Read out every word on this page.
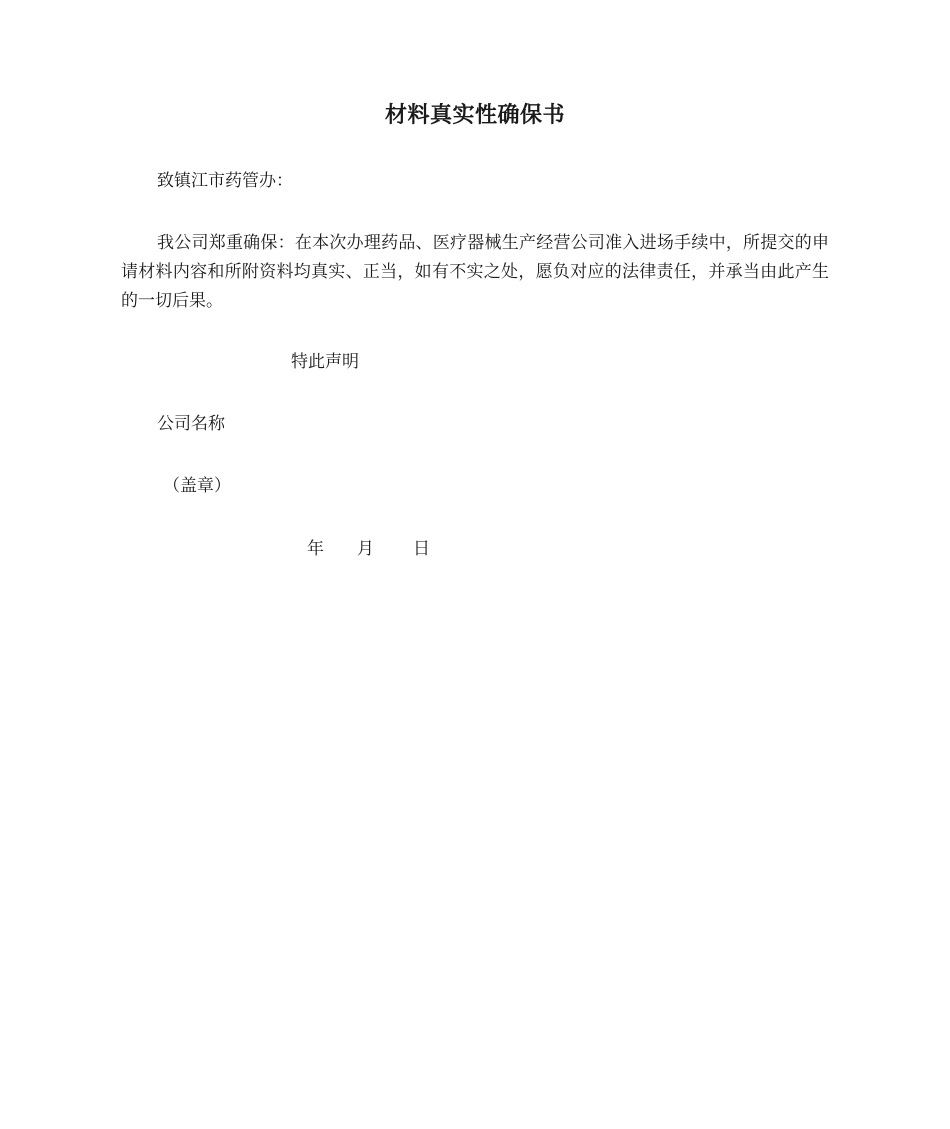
材料真实性确保书

致镇江市药管办：

我公司郑重确保：在本次办理药品、医疗器械生产经营公司准入进场手续中，所提交的申请材料内容和所附资料均真实、正当，如有不实之处，愿负对应的法律责任，并承当由此产生的一切后果。

特此声明

公司名称

（盖章）

年 月 日
